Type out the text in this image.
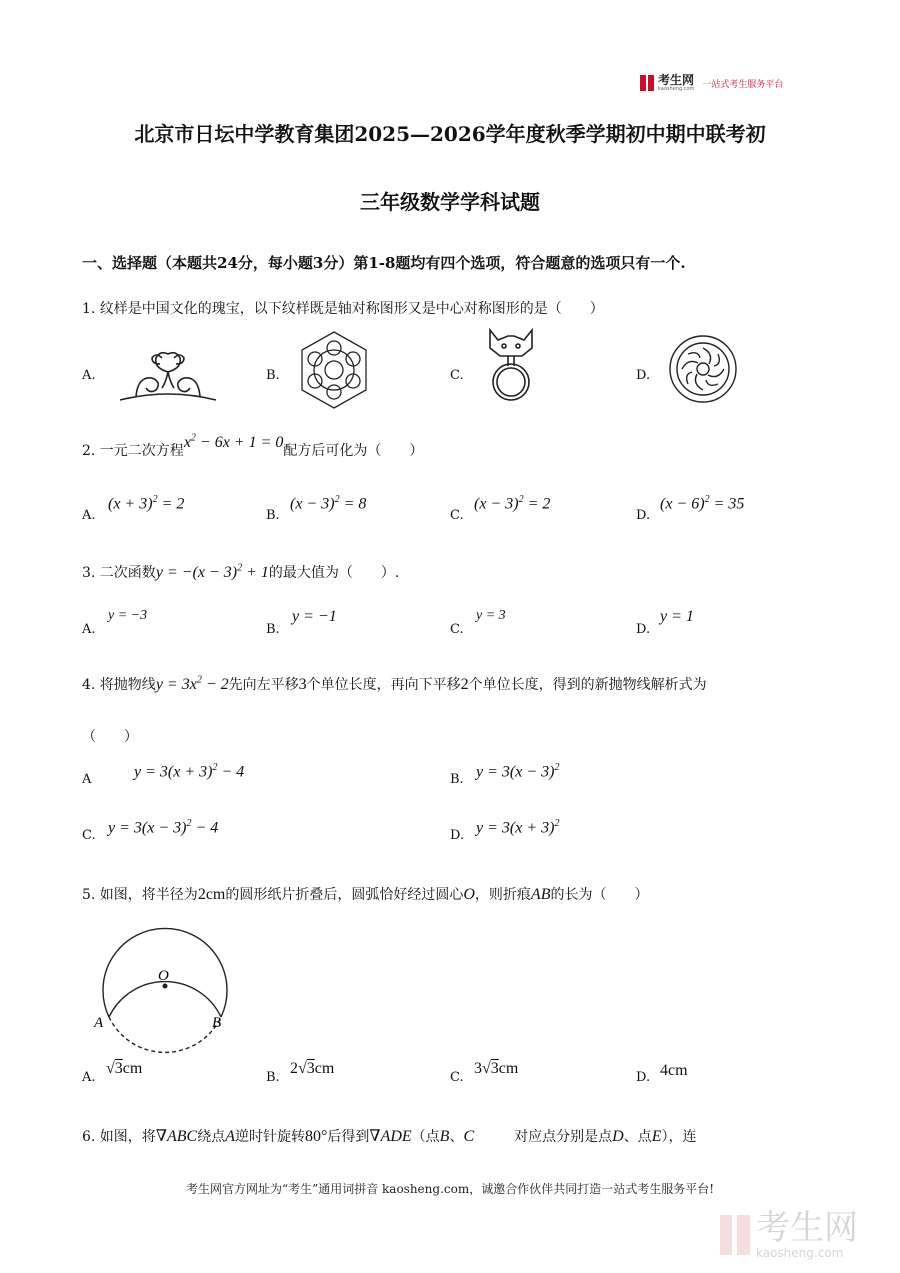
考生网
kaosheng.com 一站式考生服务平台
北京市日坛中学教育集团2025—2026学年度秋季学期初中期中联考初
三年级数学学科试题
一、选择题（本题共24分，每小题3分）第1-8题均有四个选项，符合题意的选项只有一个.
1. 纹样是中国文化的瑰宝，以下纹样既是轴对称图形又是中心对称图形的是（　　）
A.	B.	C.	D.
2. 一元二次方程$x^2 - 6x + 1 = 0$配方后可化为（　　）
A.
$(x + 3)^2 = 2$
B.
$(x - 3)^2 = 8$
C.
$(x - 3)^2 = 2$
D.
$(x - 6)^2 = 35$
3. 二次函数$y = -(x - 3)^2 + 1$的最大值为（　　）.
A.
y = −3
B.
y = −1
C.
y = 3
D.
y = 1
4. 将抛物线$y = 3x^2 - 2$先向左平移3个单位长度，再向下平移2个单位长度，得到的新抛物线解析式为
（　　）
A	$y = 3(x + 3)^2 - 4$	B. $y = 3(x - 3)^2$
C. $y = 3(x - 3)^2 - 4$	D. $y = 3(x + 3)^2$
5. 如图，将半径为2cm的圆形纸片折叠后，圆弧恰好经过圆心O，则折痕AB的长为（　　）
O
A	B
A.
√3cm
B.
2√3cm
C.
3√3cm
D. 4cm
6. 如图，将∇ABC绕点A逆时针旋转80°后得到∇ADE（点B、C	对应点分别是点D、点E），连
考生网官方网址为“考生”通用词拼音 kaosheng.com，诚邀合作伙伴共同打造一站式考生服务平台!
考生网
kaosheng.com
